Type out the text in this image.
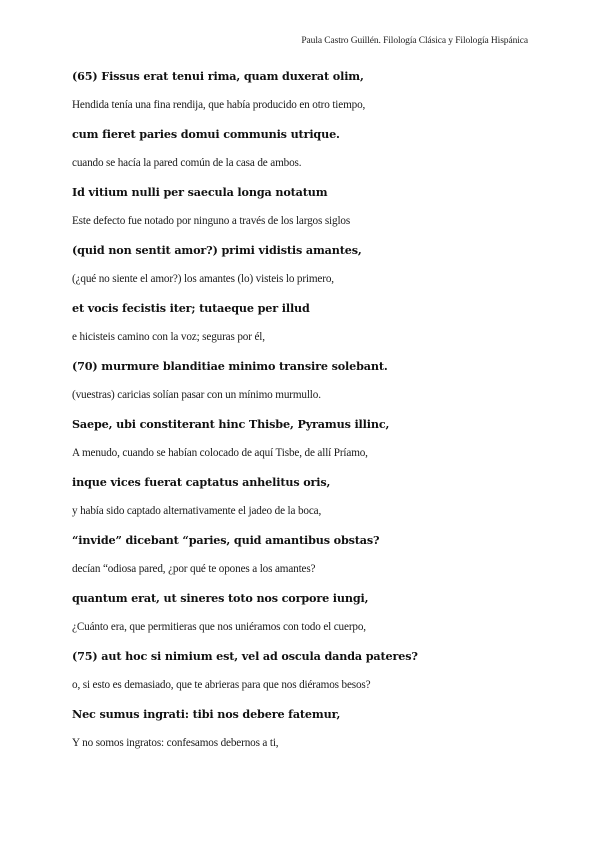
Paula Castro Guillén. Filología Clásica y Filología Hispánica
(65) Fissus erat tenui rima, quam duxerat olim,
Hendida tenía una fina rendija, que había producido en otro tiempo,
cum fieret paries domui communis utrique.
cuando se hacía la pared común de la casa de ambos.
Id vitium nulli per saecula longa notatum
Este defecto fue notado por ninguno a través de los largos siglos
(quid non sentit amor?) primi vidistis amantes,
(¿qué no siente el amor?) los amantes (lo) visteis lo primero,
et vocis fecistis iter; tutaeque per illud
e hicisteis camino con la voz; seguras por él,
(70) murmure blanditiae minimo transire solebant.
(vuestras) caricias solían pasar con un mínimo murmullo.
Saepe, ubi constiterant hinc Thisbe, Pyramus illinc,
A menudo, cuando se habían colocado de aquí Tisbe, de allí Príamo,
inque vices fuerat captatus anhelitus oris,
y había sido captado alternativamente el jadeo de la boca,
“invide” dicebant “paries, quid amantibus obstas?
decían “odiosa pared, ¿por qué te opones a los amantes?
quantum erat, ut sineres toto nos corpore iungi,
¿Cuánto era, que permitieras que nos uniéramos con todo el cuerpo,
(75) aut hoc si nimium est, vel ad oscula danda pateres?
o, si esto es demasiado, que te abrieras para que nos diéramos besos?
Nec sumus ingrati: tibi nos debere fatemur,
Y no somos ingratos: confesamos debernos a ti,
